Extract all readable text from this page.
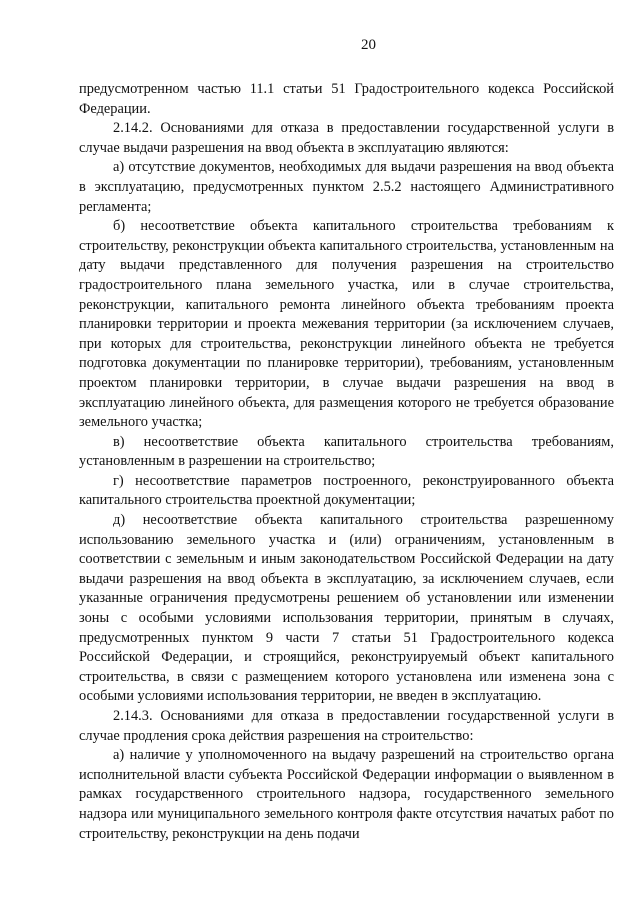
20

предусмотренном частью 11.1 статьи 51 Градостроительного кодекса Российской Федерации.

2.14.2. Основаниями для отказа в предоставлении государственной услуги в случае выдачи разрешения на ввод объекта в эксплуатацию являются:

а) отсутствие документов, необходимых для выдачи разрешения на ввод объекта в эксплуатацию, предусмотренных пунктом 2.5.2 настоящего Административного регламента;

б) несоответствие объекта капитального строительства требованиям к строительству, реконструкции объекта капитального строительства, установленным на дату выдачи представленного для получения разрешения на строительство градостроительного плана земельного участка, или в случае строительства, реконструкции, капитального ремонта линейного объекта требованиям проекта планировки территории и проекта межевания территории (за исключением случаев, при которых для строительства, реконструкции линейного объекта не требуется подготовка документации по планировке территории), требованиям, установленным проектом планировки территории, в случае выдачи разрешения на ввод в эксплуатацию линейного объекта, для размещения которого не требуется образование земельного участка;

в) несоответствие объекта капитального строительства требованиям, установленным в разрешении на строительство;

г) несоответствие параметров построенного, реконструированного объекта капитального строительства проектной документации;

д) несоответствие объекта капитального строительства разрешенному использованию земельного участка и (или) ограничениям, установленным в соответствии с земельным и иным законодательством Российской Федерации на дату выдачи разрешения на ввод объекта в эксплуатацию, за исключением случаев, если указанные ограничения предусмотрены решением об установлении или изменении зоны с особыми условиями использования территории, принятым в случаях, предусмотренных пунктом 9 части 7 статьи 51 Градостроительного кодекса Российской Федерации, и строящийся, реконструируемый объект капитального строительства, в связи с размещением которого установлена или изменена зона с особыми условиями использования территории, не введен в эксплуатацию.

2.14.3. Основаниями для отказа в предоставлении государственной услуги в случае продления срока действия разрешения на строительство:

а) наличие у уполномоченного на выдачу разрешений на строительство органа исполнительной власти субъекта Российской Федерации информации о выявленном в рамках государственного строительного надзора, государственного земельного надзора или муниципального земельного контроля факте отсутствия начатых работ по строительству, реконструкции на день подачи
